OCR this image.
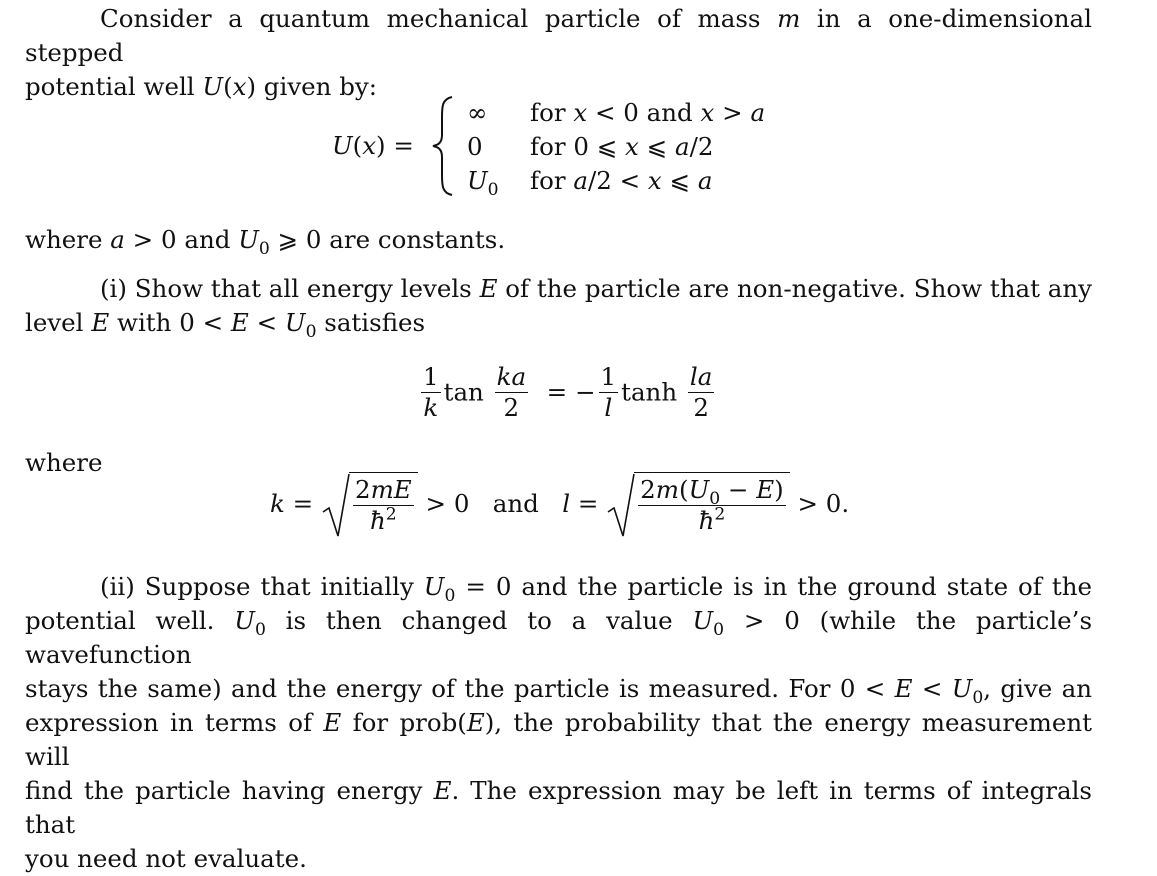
Consider a quantum mechanical particle of mass m in a one-dimensional stepped
potential well U(x) given by:

U(x) =
∞ for x < 0 and x > a
0 for 0 ⩽ x ⩽ a/2
$U_0$ for a/2 < x ⩽ a

where a > 0 and $U_0$ ⩾ 0 are constants.

(i) Show that all energy levels E of the particle are non-negative. Show that any
level E with $0 < E < U_0$ satisfies

$\frac{1}{k}$ $\tan \frac{ka}{2}$ = − $\frac{1}{l}$ $\tanh \frac{la}{2}$

where

$k = \frac{2mE}{ħ^2} > 0$   and   $l = \frac{2m(U_0 - E)}{ħ^2} > 0$.

(ii) Suppose that initially $U_0 = 0$ and the particle is in the ground state of the
potential well. $U_0$ is then changed to a value $U_0 > 0$ (while the particle’s wavefunction
stays the same) and the energy of the particle is measured. For $0 < E < U_0$, give an
expression in terms of E for prob(E), the probability that the energy measurement will
find the particle having energy E. The expression may be left in terms of integrals that
you need not evaluate.
